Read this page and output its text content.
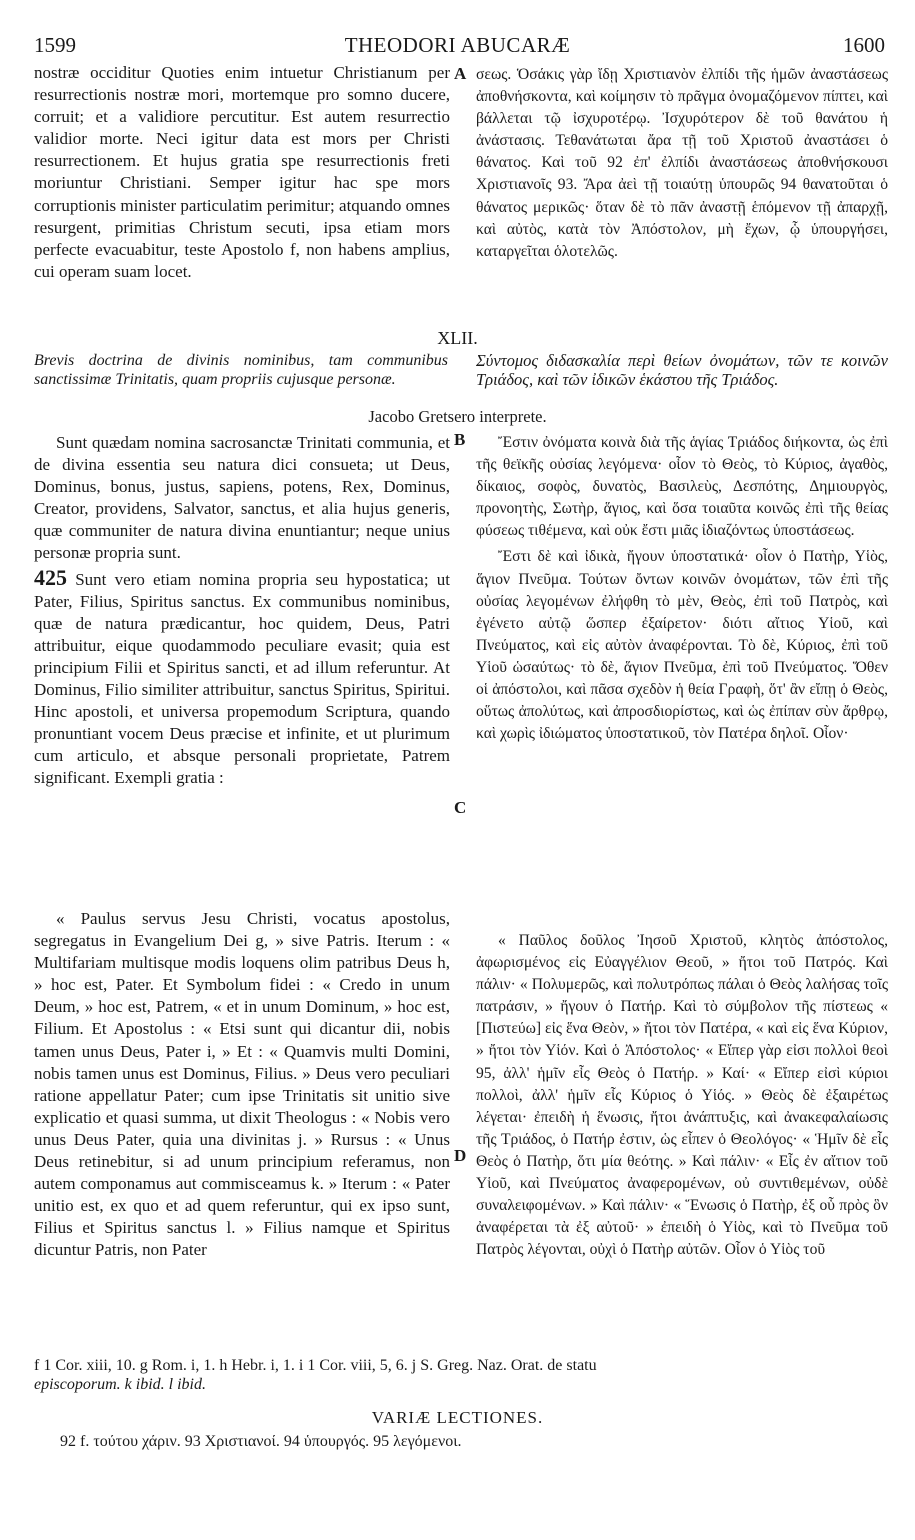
1599	THEODORI ABUCARÆ	1600

nostræ occiditur Quoties enim intuetur Christianum per resurrectionis nostræ mori, mortemque pro somno ducere, corruit; et a validiore percutitur. Est autem resurrectio validior morte. Neci igitur data est mors per Christi resurrectionem. Et hujus gratia spe resurrectionis freti moriuntur Christiani. Semper igitur hac spe mors corruptionis minister particulatim perimitur; atquando omnes resurgent, primitias Christum secuti, ipsa etiam mors perfecte evacuabitur, teste Apostolo f, non habens amplius, cui operam suam locet.

A σεως. Ὁσάκις γὰρ ἴδῃ Χριστιανὸν ἐλπίδι τῆς ἡμῶν ἀναστάσεως ἀποθνήσκοντα, καὶ κοίμησιν τὸ πρᾶγμα ὀνομαζόμενον πίπτει, καὶ βάλλεται τῷ ἰσχυροτέρῳ. Ἰσχυρότερον δὲ τοῦ θανάτου ἡ ἀνάστασις. Τεθανάτωται ἄρα τῇ τοῦ Χριστοῦ ἀναστάσει ὁ θάνατος. Καὶ τοῦ 92 ἐπ' ἐλπίδι ἀναστάσεως ἀποθνήσκουσι Χριστιανοῖς 93. Ἄρα ἀεὶ τῇ τοιαύτῃ ὑπουρῶς 94 θανατοῦται ὁ θάνατος μερικῶς· ὅταν δὲ τὸ πᾶν ἀναστῇ ἑπόμενον τῇ ἀπαρχῇ, καὶ αὐτὸς, κατὰ τὸν Ἀπόστολον, μὴ ἔχων, ᾧ ὑπουργήσει, καταργεῖται ὁλοτελῶς.

XLII.

Brevis doctrina de divinis nominibus, tam communibus sanctissimæ Trinitatis, quam propriis cujusque personæ.

Σύντομος διδασκαλία περὶ θείων ὀνομάτων, τῶν τε κοινῶν Τριάδος, καὶ τῶν ἰδικῶν ἑκάστου τῆς Τριάδος.

Jacobo Gretsero interprete.
B

Sunt quædam nomina sacrosanctæ Trinitati communia, et de divina essentia seu natura dici consueta; ut Deus, Dominus, bonus, justus, sapiens, potens, Rex, Dominus, Creator, providens, Salvator, sanctus, et alia hujus generis, quæ communiter de natura divina enuntiantur; neque unius personæ propria sunt.

425 Sunt vero etiam nomina propria seu hypostatica; ut Pater, Filius, Spiritus sanctus. Ex communibus nominibus, quæ de natura prædicantur, hoc quidem, Deus, Patri attribuitur, eique quodammodo peculiare evasit; quia est principium Filii et Spiritus sancti, et ad illum referuntur. At Dominus, Filio similiter attribuitur, sanctus Spiritus, Spiritui. Hinc apostoli, et universa propemodum Scriptura, quando pronuntiant vocem Deus præcise et infinite, et ut plurimum cum articulo, et absque personali proprietate, Patrem significant. Exempli gratia :

Ἔστιν ὀνόματα κοινὰ διὰ τῆς ἁγίας Τριάδος διήκοντα, ὡς ἐπὶ τῆς θεϊκῆς οὐσίας λεγόμενα· οἷον τὸ Θεὸς, τὸ Κύριος, ἀγαθὸς, δίκαιος, σοφὸς, δυνατὸς, Βασιλεὺς, Δεσπότης, Δημιουργὸς, προνοητὴς, Σωτὴρ, ἅγιος, καὶ ὅσα τοιαῦτα κοινῶς ἐπὶ τῆς θείας φύσεως τιθέμενα, καὶ οὐκ ἔστι μιᾶς ἰδιαζόντως ὑποστάσεως.

Ἔστι δὲ καὶ ἰδικὰ, ἤγουν ὑποστατικά· οἷον ὁ Πατὴρ, Υἱὸς, ἅγιον Πνεῦμα. Τούτων ὄντων κοινῶν ὀνομάτων, τῶν ἐπὶ τῆς οὐσίας λεγομένων ἐλήφθη τὸ μὲν, Θεὸς, ἐπὶ τοῦ Πατρὸς, καὶ ἐγένετο αὐτῷ ὥσπερ ἐξαίρετον· διότι αἴτιος Υἱοῦ, καὶ Πνεύματος, καὶ εἰς αὐτὸν ἀναφέρονται. Τὸ δὲ, Κύριος, ἐπὶ τοῦ Υἱοῦ ὡσαύτως· τὸ δὲ, ἅγιον Πνεῦμα, ἐπὶ τοῦ Πνεύματος. Ὅθεν οἱ ἀπόστολοι, καὶ πᾶσα σχεδὸν ἡ θεία Γραφὴ, ὅτ' ἂν εἴπῃ ὁ Θεὸς, οὕτως ἀπολύτως, καὶ ἀπροσδιορίστως, καὶ ὡς ἐπίπαν σὺν ἄρθρῳ, καὶ χωρὶς ἰδιώματος ὑποστατικοῦ, τὸν Πατέρα δηλοῖ. Οἷον·

C

« Paulus servus Jesu Christi, vocatus apostolus, segregatus in Evangelium Dei g, » sive Patris. Iterum : « Multifariam multisque modis loquens olim patribus Deus h, » hoc est, Pater. Et Symbolum fidei : « Credo in unum Deum, » hoc est, Patrem, « et in unum Dominum, » hoc est, Filium. Et Apostolus : « Etsi sunt qui dicantur dii, nobis tamen unus Deus, Pater i, » Et : « Quamvis multi Domini, nobis tamen unus est Dominus, Filius. » Deus vero peculiari ratione appellatur Pater; cum ipse Trinitatis sit unitio sive explicatio et quasi summa, ut dixit Theologus : « Nobis vero unus Deus Pater, quia una divinitas j. » Rursus : « Unus Deus retinebitur, si ad unum principium referamus, non autem componamus aut commisceamus k. » Iterum : « Pater unitio est, ex quo et ad quem referuntur, qui ex ipso sunt, Filius et Spiritus sanctus l. » Filius namque et Spiritus dicuntur Patris, non Pater

« Παῦλος δοῦλος Ἰησοῦ Χριστοῦ, κλητὸς ἀπόστολος, ἀφωρισμένος εἰς Εὐαγγέλιον Θεοῦ, » ἤτοι τοῦ Πατρός. Καὶ πάλιν· « Πολυμερῶς, καὶ πολυτρόπως πάλαι ὁ Θεὸς λαλήσας τοῖς πατράσιν, » ἤγουν ὁ Πατήρ. Καὶ τὸ σύμβολον τῆς πίστεως « [Πιστεύω] εἰς ἕνα Θεὸν, » ἤτοι τὸν Πατέρα, « καὶ εἰς ἕνα Κύριον, » ἤτοι τὸν Υἱόν. Καὶ ὁ Ἀπόστολος· « Εἴπερ γὰρ εἰσι πολλοὶ θεοὶ 95, ἀλλ' ἡμῖν εἷς Θεὸς ὁ Πατήρ. » Καί· « Εἴπερ εἰσὶ κύριοι πολλοὶ, ἀλλ' ἡμῖν εἷς Κύριος ὁ Υἱός. » Θεὸς δὲ ἐξαιρέτως λέγεται· ἐπειδὴ ἡ ἕνωσις, ἤτοι ἀνάπτυξις, καὶ ἀνακεφαλαίωσις τῆς Τριάδος, ὁ Πατήρ ἐστιν, ὡς εἶπεν ὁ Θεολόγος· « Ἡμῖν δὲ εἷς Θεὸς ὁ Πατὴρ, ὅτι μία θεότης. » Καὶ πάλιν· « Εἷς ἐν αἴτιον τοῦ Υἱοῦ, καὶ Πνεύματος ἀναφερομένων, οὐ συντιθεμένων, οὐδὲ συναλειφομένων. » Καὶ πάλιν· « Ἕνωσις ὁ Πατὴρ, ἐξ οὗ πρὸς ὃν ἀναφέρεται τὰ ἐξ αὐτοῦ· » ἐπειδὴ ὁ Υἱὸς, καὶ τὸ Πνεῦμα τοῦ Πατρὸς λέγονται, οὐχὶ ὁ Πατὴρ αὐτῶν. Οἷον ὁ Υἱὸς τοῦ

D

f 1 Cor. xiii, 10. g Rom. i, 1. h Hebr. i, 1. i 1 Cor. viii, 5, 6. j S. Greg. Naz. Orat. de statu

episcoporum. k ibid. l ibid.

VARIÆ LECTIONES.
92 f. τούτου χάριν. 93 Χριστιανοί. 94 ὑπουργός. 95 λεγόμενοι.
